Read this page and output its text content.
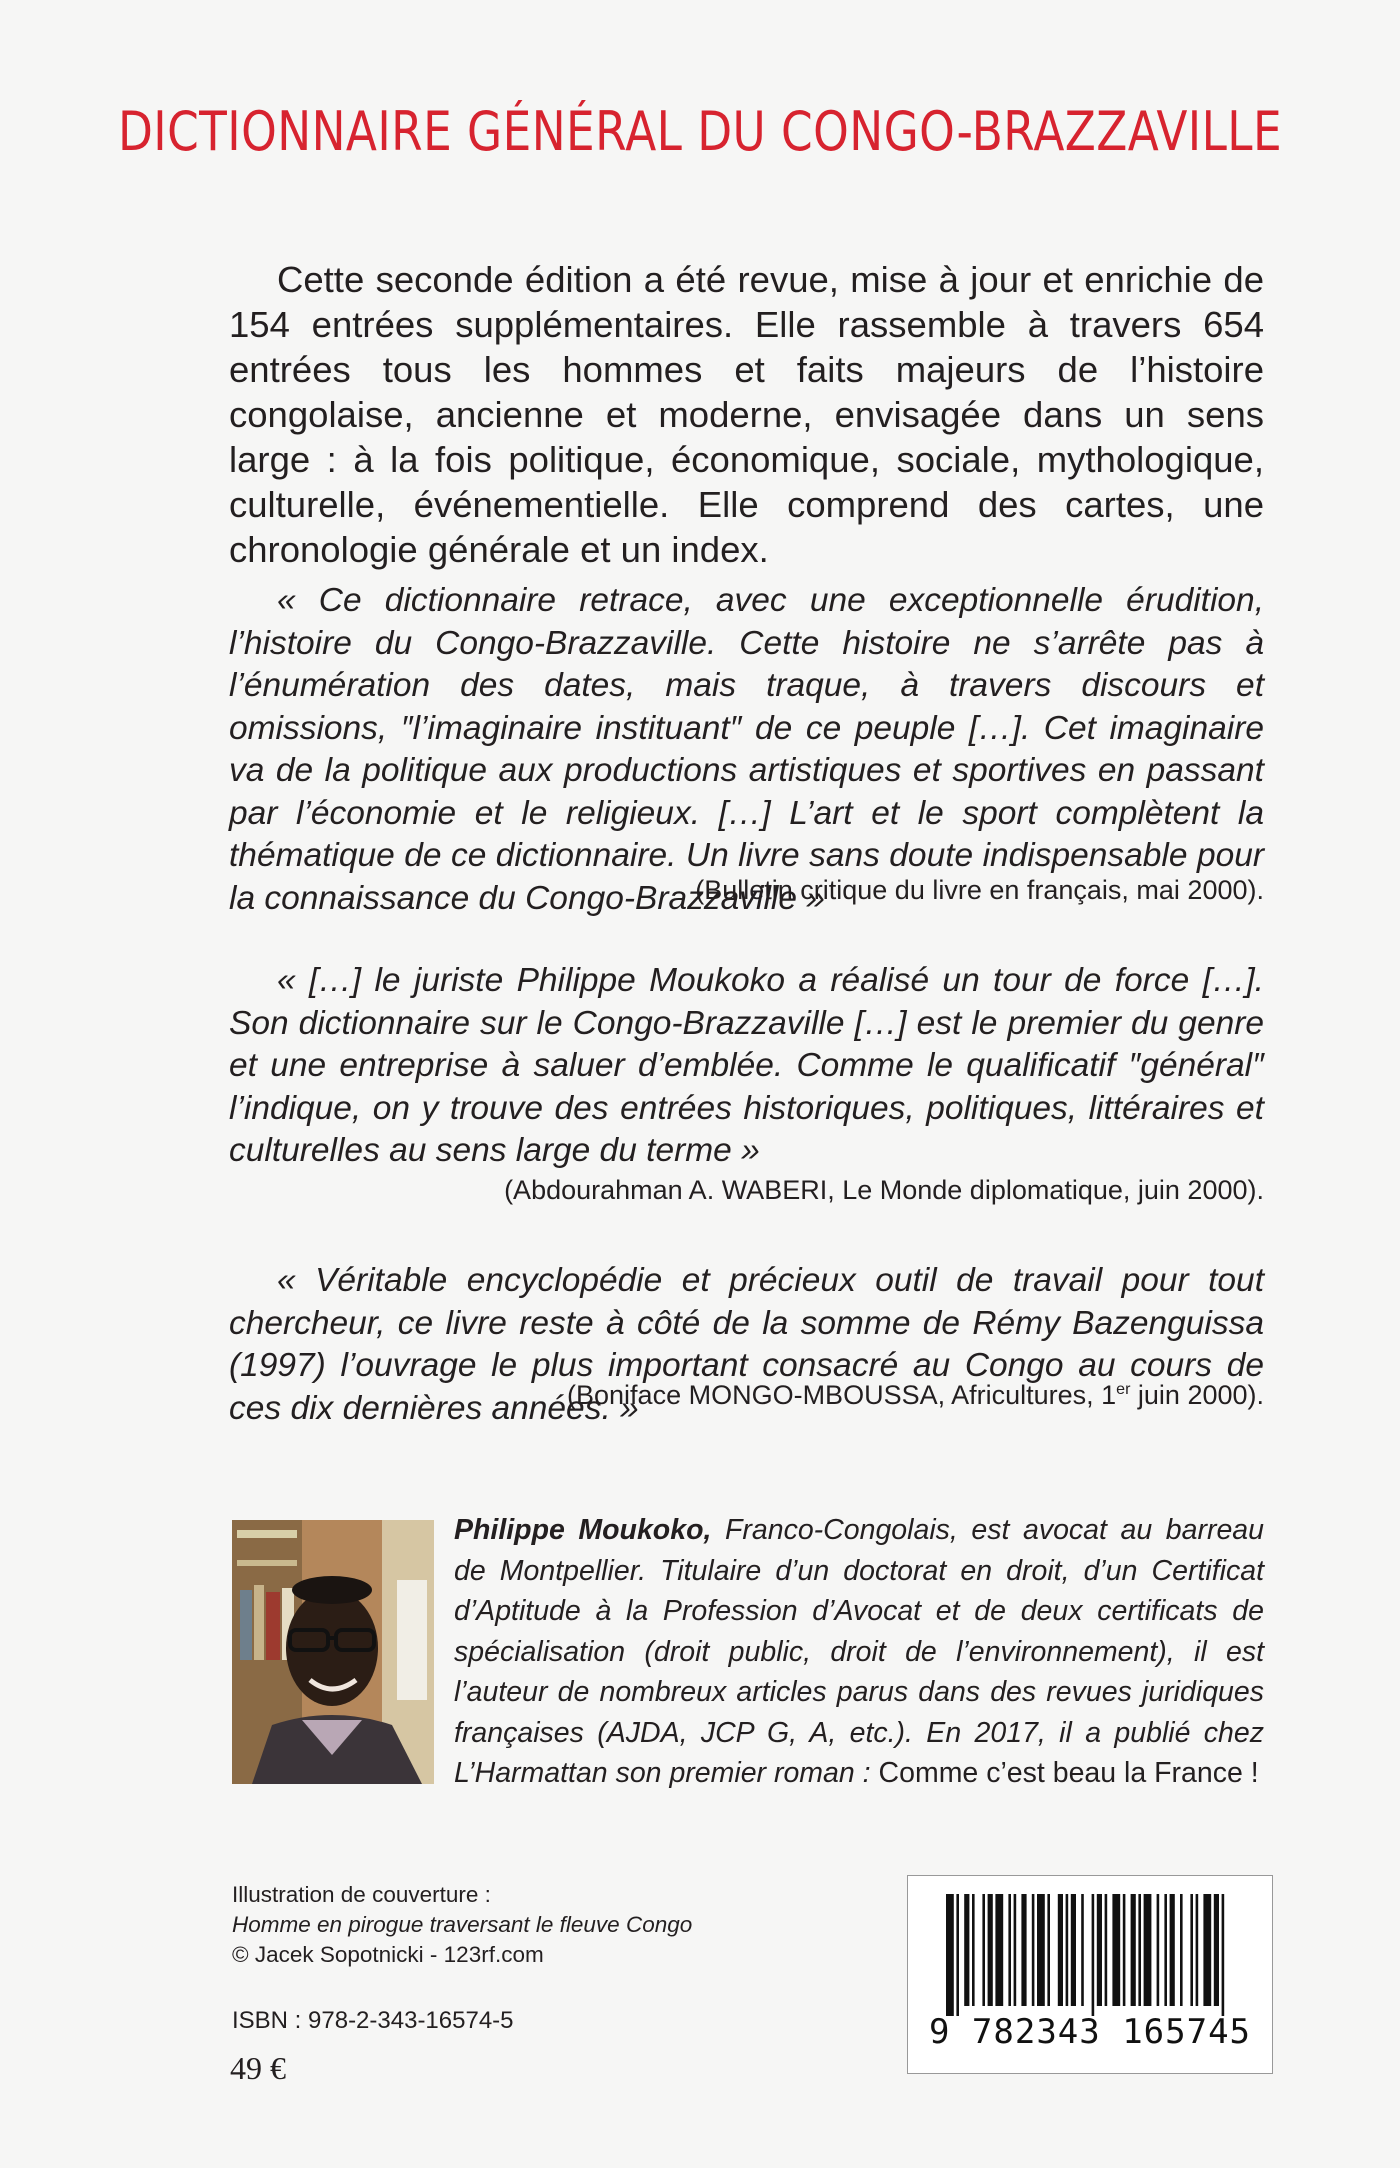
DICTIONNAIRE GÉNÉRAL DU CONGO-BRAZZAVILLE

Cette seconde édition a été revue, mise à jour et enrichie de 154 entrées supplémentaires. Elle rassemble à travers 654 entrées tous les hommes et faits majeurs de l’histoire congolaise, ancienne et moderne, envisagée dans un sens large : à la fois politique, économique, sociale, mythologique, culturelle, événementielle. Elle comprend des cartes, une chronologie générale et un index.

« Ce dictionnaire retrace, avec une exceptionnelle érudition, l’histoire du Congo-Brazzaville. Cette histoire ne s’arrête pas à l’énumération des dates, mais traque, à travers discours et omissions, ″l’imaginaire instituant″ de ce peuple […]. Cet imaginaire va de la politique aux productions artistiques et sportives en passant par l’économie et le religieux. […] L’art et le sport complètent la thématique de ce dictionnaire. Un livre sans doute indispensable pour la connaissance du Congo-Brazzaville »

(Bulletin critique du livre en français, mai 2000).

« […] le juriste Philippe Moukoko a réalisé un tour de force […]. Son dictionnaire sur le Congo-Brazzaville […] est le premier du genre et une entreprise à saluer d’emblée. Comme le qualificatif ″général″ l’indique, on y trouve des entrées historiques, politiques, littéraires et culturelles au sens large du terme »

(Abdourahman A. WABERI, Le Monde diplomatique, juin 2000).

« Véritable encyclopédie et précieux outil de travail pour tout chercheur, ce livre reste à côté de la somme de Rémy Bazenguissa (1997) l’ouvrage le plus important consacré au Congo au cours de ces dix dernières années. »

(Boniface MONGO-MBOUSSA, Africultures, 1er juin 2000).

Philippe Moukoko, Franco-Congolais, est avocat au barreau de Montpellier. Titulaire d’un doctorat en droit, d’un Certificat d’Aptitude à la Profession d’Avocat et de deux certificats de spécialisation (droit public, droit de l’environnement), il est l’auteur de nombreux articles parus dans des revues juridiques françaises (AJDA, JCP G, A, etc.). En 2017, il a publié chez L’Harmattan son premier roman : Comme c’est beau la France !

Illustration de couverture :
Homme en pirogue traversant le fleuve Congo
© Jacek Sopotnicki - 123rf.com

ISBN : 978-2-343-16574-5

49 €

9 782343 165745
